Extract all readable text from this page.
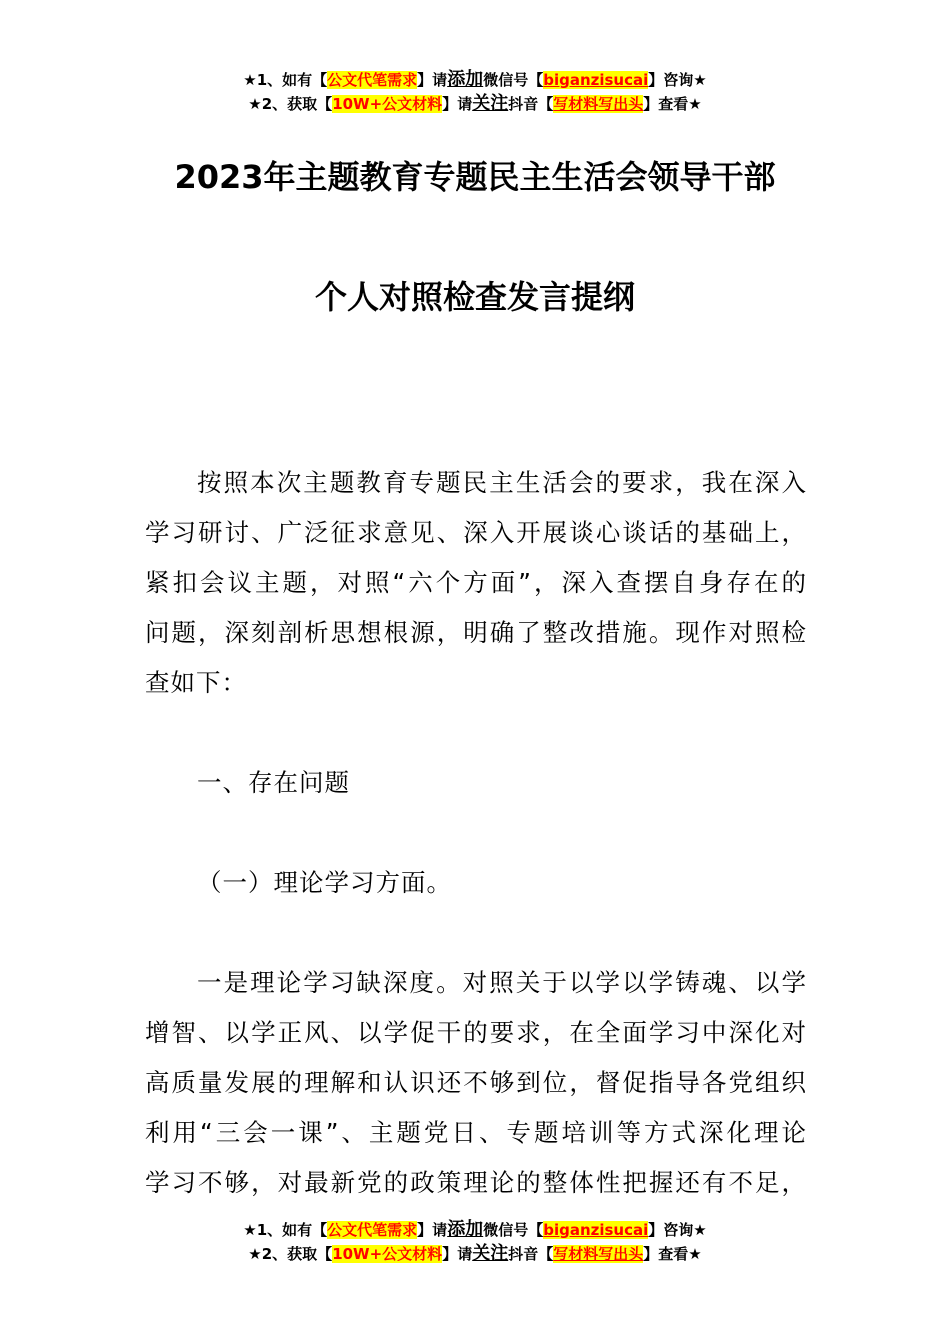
★1、如有【公文代笔需求】请添加微信号【biganzisucai】咨询★
★2、获取【10W+公文材料】请关注抖音【写材料写出头】查看★
2023年主题教育专题民主生活会领导干部
个人对照检查发言提纲
按照本次主题教育专题民主生活会的要求，我在深入
学习研讨、广泛征求意见、深入开展谈心谈话的基础上，
紧扣会议主题，对照“六个方面”，深入查摆自身存在的
问题，深刻剖析思想根源，明确了整改措施。现作对照检
查如下：
一、存在问题
（一）理论学习方面。
一是理论学习缺深度。对照关于以学以学铸魂、以学
增智、以学正风、以学促干的要求，在全面学习中深化对
高质量发展的理解和认识还不够到位，督促指导各党组织
利用“三会一课”、主题党日、专题培训等方式深化理论
学习不够，对最新党的政策理论的整体性把握还有不足，
★1、如有【公文代笔需求】请添加微信号【biganzisucai】咨询★
★2、获取【10W+公文材料】请关注抖音【写材料写出头】查看★
